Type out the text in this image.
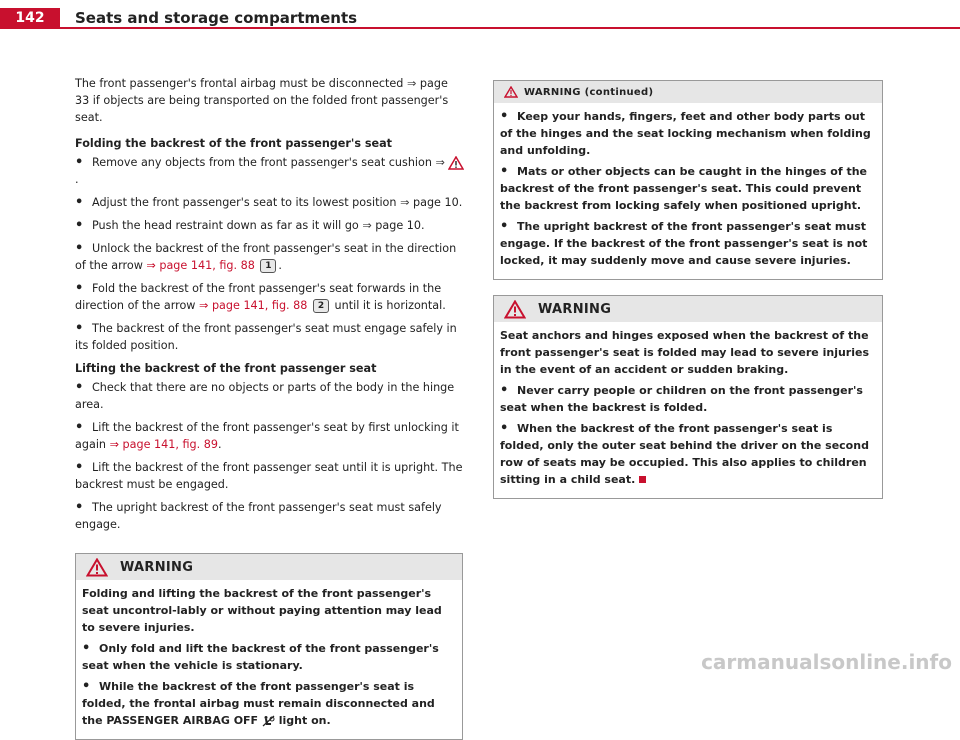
142	Seats and storage compartments

The front passenger's frontal airbag must be disconnected ⇒ page 33 if objects are being transported on the folded front passenger's seat.

Folding the backrest of the front passenger's seat

• Remove any objects from the front passenger's seat cushion ⇒ .

• Adjust the front passenger's seat to its lowest position ⇒ page 10.

• Push the head restraint down as far as it will go ⇒ page 10.

• Unlock the backrest of the front passenger's seat in the direction of the arrow ⇒ page 141, fig. 88 1 .

• Fold the backrest of the front passenger's seat forwards in the direction of the arrow ⇒ page 141, fig. 88 2 until it is horizontal.

• The backrest of the front passenger's seat must engage safely in its folded position.

Lifting the backrest of the front passenger seat

• Check that there are no objects or parts of the body in the hinge area.

• Lift the backrest of the front passenger's seat by first unlocking it again ⇒ page 141, fig. 89.

• Lift the backrest of the front passenger seat until it is upright. The backrest must be engaged.

• The upright backrest of the front passenger's seat must safely engage.

WARNING

Folding and lifting the backrest of the front passenger's seat uncontrol-lably or without paying attention may lead to severe injuries.

• Only fold and lift the backrest of the front passenger's seat when the vehicle is stationary.

• While the backrest of the front passenger's seat is folded, the frontal airbag must remain disconnected and the PASSENGER AIRBAG OFF  light on.

WARNING (continued)

• Keep your hands, fingers, feet and other body parts out of the hinges and the seat locking mechanism when folding and unfolding.

• Mats or other objects can be caught in the hinges of the backrest of the front passenger's seat. This could prevent the backrest from locking safely when positioned upright.

• The upright backrest of the front passenger's seat must engage. If the backrest of the front passenger's seat is not locked, it may suddenly move and cause severe injuries.

WARNING

Seat anchors and hinges exposed when the backrest of the front passenger's seat is folded may lead to severe injuries in the event of an accident or sudden braking.

• Never carry people or children on the front passenger's seat when the backrest is folded.

• When the backrest of the front passenger's seat is folded, only the outer seat behind the driver on the second row of seats may be occupied. This also applies to children sitting in a child seat.

carmanualsonline.info
